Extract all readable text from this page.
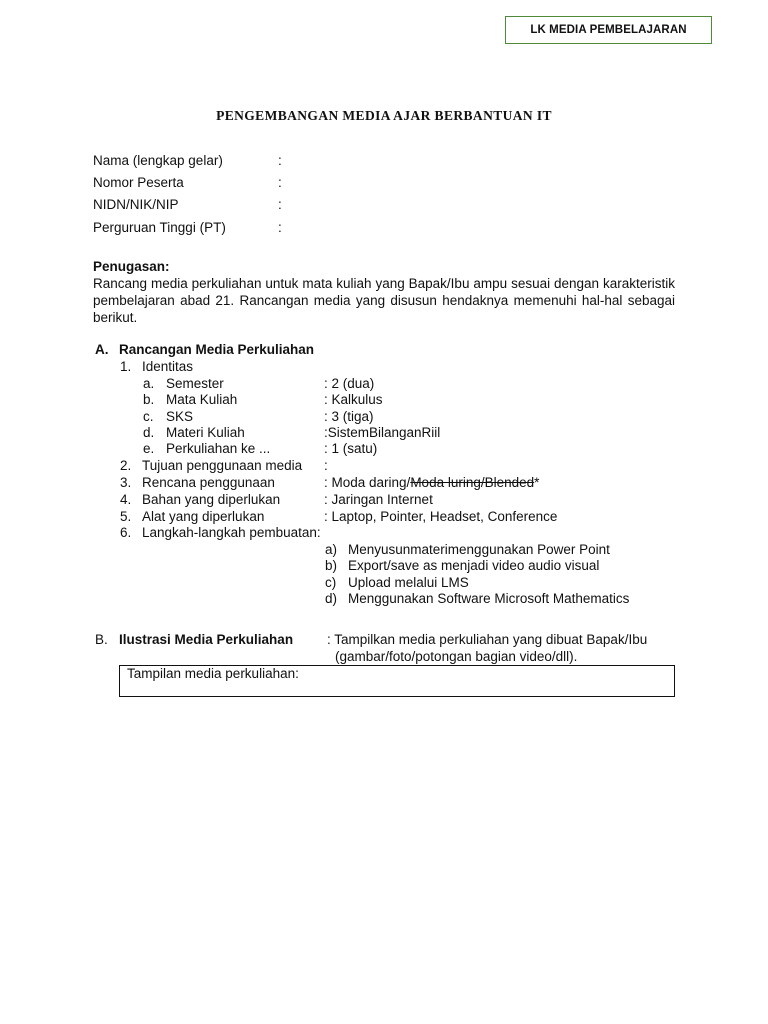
LK MEDIA PEMBELAJARAN
PENGEMBANGAN MEDIA AJAR BERBANTUAN IT
Nama (lengkap gelar)	:
Nomor Peserta	:
NIDN/NIK/NIP	:
Perguruan Tinggi (PT)	:
Penugasan:
Rancang media perkuliahan untuk mata kuliah yang Bapak/Ibu ampu sesuai dengan karakteristik pembelajaran abad 21. Rancangan media yang disusun hendaknya memenuhi hal-hal sebagai berikut.
A. Rancangan Media Perkuliahan
1. Identitas
a. Semester	: 2 (dua)
b. Mata Kuliah	: Kalkulus
c. SKS	: 3 (tiga)
d. Materi Kuliah	:SistemBilanganRiil
e. Perkuliahan ke ...	: 1 (satu)
2. Tujuan penggunaan media :
3. Rencana penggunaan	: Moda daring/Moda luring/Blended*
4. Bahan yang diperlukan	: Jaringan Internet
5. Alat yang diperlukan	: Laptop, Pointer, Headset, Conference
6. Langkah-langkah pembuatan:
a) Menyusunmaterimenggunakan Power Point
b) Export/save as menjadi video audio visual
c) Upload melalui LMS
d) Menggunakan Software Microsoft Mathematics
B. Ilustrasi Media Perkuliahan	: Tampilkan media perkuliahan yang dibuat Bapak/Ibu
(gambar/foto/potongan bagian video/dll).
Tampilan media perkuliahan:
